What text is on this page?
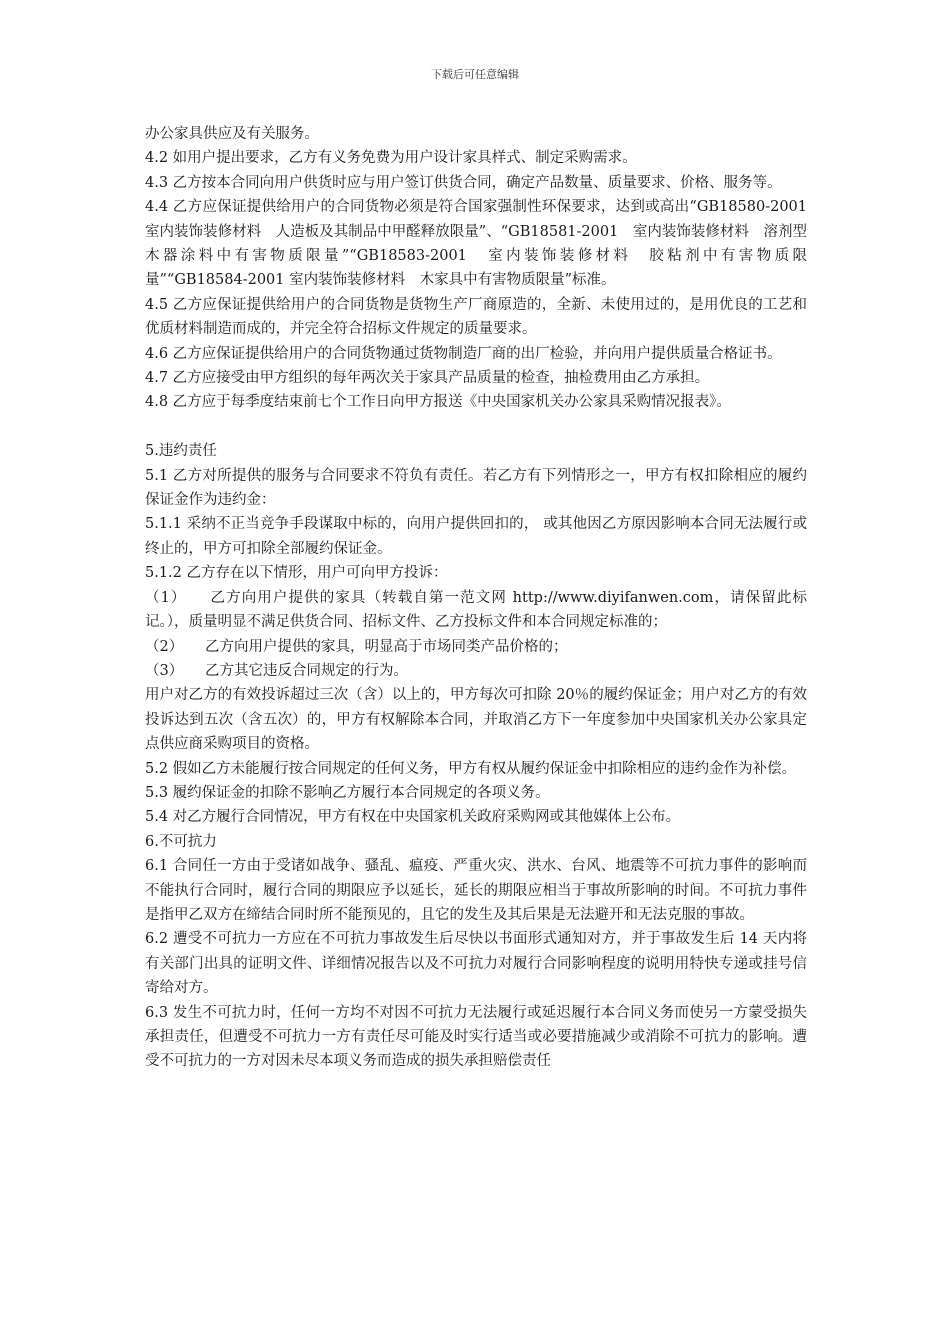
下载后可任意编辑

办公家具供应及有关服务。

4.2 如用户提出要求，乙方有义务免费为用户设计家具样式、制定采购需求。

4.3 乙方按本合同向用户供货时应与用户签订供货合同，确定产品数量、质量要求、价格、服务等。

4.4 乙方应保证提供给用户的合同货物必须是符合国家强制性环保要求，达到或高出“GB18580-2001　室内装饰装修材料　人造板及其制品中甲醛释放限量”、“GB18581-2001　室内装饰装修材料　溶剂型木器涂料中有害物质限量”“GB18583-2001　室内装饰装修材料　胶粘剂中有害物质限量”“GB18584-2001 室内装饰装修材料　木家具中有害物质限量”标准。

4.5 乙方应保证提供给用户的合同货物是货物生产厂商原造的，全新、未使用过的，是用优良的工艺和优质材料制造而成的，并完全符合招标文件规定的质量要求。

4.6 乙方应保证提供给用户的合同货物通过货物制造厂商的出厂检验，并向用户提供质量合格证书。

4.7 乙方应接受由甲方组织的每年两次关于家具产品质量的检查，抽检费用由乙方承担。

4.8 乙方应于每季度结束前七个工作日向甲方报送《中央国家机关办公家具采购情况报表》。

5.违约责任

5.1 乙方对所提供的服务与合同要求不符负有责任。若乙方有下列情形之一，甲方有权扣除相应的履约保证金作为违约金：

5.1.1 采纳不正当竞争手段谋取中标的，向用户提供回扣的， 或其他因乙方原因影响本合同无法履行或终止的，甲方可扣除全部履约保证金。

5.1.2 乙方存在以下情形，用户可向甲方投诉：

（1）　　乙方向用户提供的家具（转载自第一范文网 http://www.diyifanwen.com，请保留此标记。），质量明显不满足供货合同、招标文件、乙方投标文件和本合同规定标准的；

（2）　　乙方向用户提供的家具，明显高于市场同类产品价格的；

（3）　　乙方其它违反合同规定的行为。

用户对乙方的有效投诉超过三次（含）以上的，甲方每次可扣除 20％的履约保证金；用户对乙方的有效投诉达到五次（含五次）的，甲方有权解除本合同，并取消乙方下一年度参加中央国家机关办公家具定点供应商采购项目的资格。

5.2 假如乙方未能履行按合同规定的任何义务，甲方有权从履约保证金中扣除相应的违约金作为补偿。

5.3 履约保证金的扣除不影响乙方履行本合同规定的各项义务。

5.4 对乙方履行合同情况，甲方有权在中央国家机关政府采购网或其他媒体上公布。

6.不可抗力

6.1 合同任一方由于受诸如战争、骚乱、瘟疫、严重火灾、洪水、台风、地震等不可抗力事件的影响而不能执行合同时，履行合同的期限应予以延长，延长的期限应相当于事故所影响的时间。不可抗力事件是指甲乙双方在缔结合同时所不能预见的，且它的发生及其后果是无法避开和无法克服的事故。

6.2 遭受不可抗力一方应在不可抗力事故发生后尽快以书面形式通知对方，并于事故发生后 14 天内将有关部门出具的证明文件、详细情况报告以及不可抗力对履行合同影响程度的说明用特快专递或挂号信寄给对方。

6.3 发生不可抗力时，任何一方均不对因不可抗力无法履行或延迟履行本合同义务而使另一方蒙受损失承担责任，但遭受不可抗力一方有责任尽可能及时实行适当或必要措施减少或消除不可抗力的影响。遭受不可抗力的一方对因未尽本项义务而造成的损失承担赔偿责任
